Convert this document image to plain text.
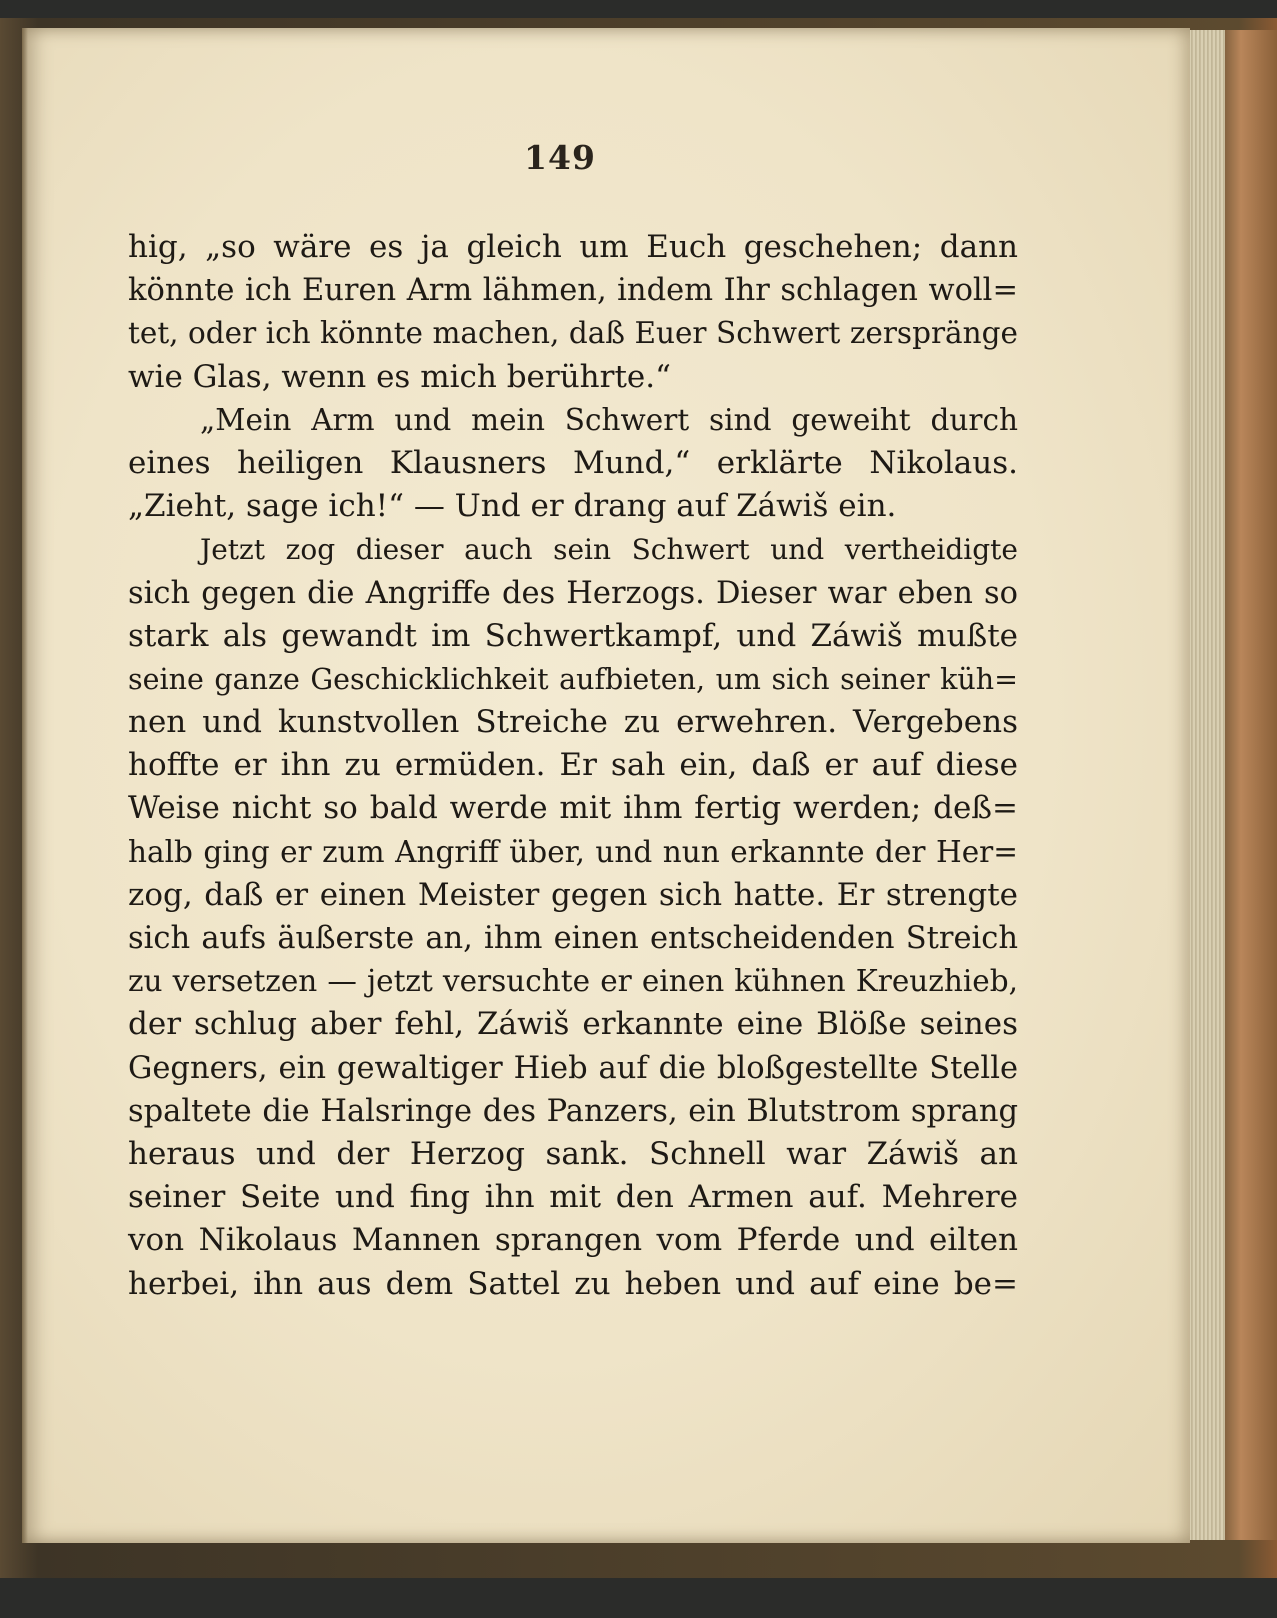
149
hig, „so wäre es ja gleich um Euch geschehen; dann
könnte ich Euren Arm lähmen, indem Ihr schlagen woll=
tet, oder ich könnte machen, daß Euer Schwert zerspränge
wie Glas, wenn es mich berührte.“
„Mein Arm und mein Schwert sind geweiht durch
eines heiligen Klausners Mund,“ erklärte Nikolaus.
„Zieht, sage ich!“ — Und er drang auf Záwiš ein.
Jetzt zog dieser auch sein Schwert und vertheidigte
sich gegen die Angriffe des Herzogs. Dieser war eben so
stark als gewandt im Schwertkampf, und Záwiš mußte
seine ganze Geschicklichkeit aufbieten, um sich seiner küh=
nen und kunstvollen Streiche zu erwehren. Vergebens
hoffte er ihn zu ermüden. Er sah ein, daß er auf diese
Weise nicht so bald werde mit ihm fertig werden; deß=
halb ging er zum Angriff über, und nun erkannte der Her=
zog, daß er einen Meister gegen sich hatte. Er strengte
sich aufs äußerste an, ihm einen entscheidenden Streich
zu versetzen — jetzt versuchte er einen kühnen Kreuzhieb,
der schlug aber fehl, Záwiš erkannte eine Blöße seines
Gegners, ein gewaltiger Hieb auf die bloßgestellte Stelle
spaltete die Halsringe des Panzers, ein Blutstrom sprang
heraus und der Herzog sank. Schnell war Záwiš an
seiner Seite und fing ihn mit den Armen auf. Mehrere
von Nikolaus Mannen sprangen vom Pferde und eilten
herbei, ihn aus dem Sattel zu heben und auf eine be=
